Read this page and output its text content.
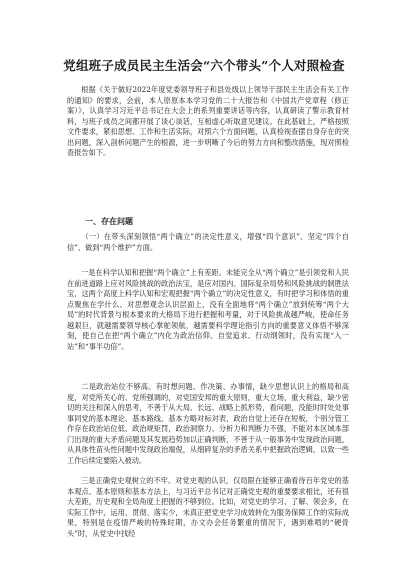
党组班子成员民主生活会“六个带头”个人对照检查
根据《关于做好2022年度党委领导班子和县处级以上领导干部民主生活会有关工作的通知》的要求，会前，本人原原本本学习党的二十大报告和《中国共产党章程（修正案）》，认真学习习近平总书记在大会上的系列重要讲话等内容，认真研读了警示教育材料，与班子成员之间都开展了谈心谈话，互相虚心听取意见建议。在此基础上，严格按照文件要求，紧扣思想、工作和生活实际，对照六个方面问题，认真检视查摆自身存在的突出问题，深入剖析问题产生的根源，进一步明晰了今后的努力方向和整改措施，现对照检查报告如下。
一、存在问题
（一）在带头深刻领悟“两个确立”的决定性意义，增强“四个意识”、坚定“四个自信”、做到“两个维护”方面。
一是在科学认知和把握“两个确立”上有差距。未能完全从“两个确立”是引领党和人民在前进道路上应对风险挑战的政治法宝，是应对国内、国际复杂局势和风险挑战的制胜法宝，这两个高度上科学认知和宏观把握“两个确立”的决定性意义，有时把学习和体悟的重点聚焦在学什么、对思想观念认识层面上，没有全面地将“两个确立”放到统筹“两个大局”的时代背景与根本要求的大格局下进行把握和考量，对于风险挑战越严峻，使命任务越艰巨，就越需要领导核心掌舵领航，越需要科学理论指引方向的重要意义体悟不够深刻，使自己在把“两个确立”内化为政治信仰、自觉追求、行动纲领时，没有实现“入一站”和“事半功倍”。
二是政治站位不够高。有时想问题、作决策、办事情，缺少思想认识上的格局和高度，对党所关心的、党所强调的，对党国安邦的重大原则，重大立场，重大利益，缺少密切的关注和深入的思考，不善于从大局、长远、战略上抓形势，看问题，没能时时处处事事同党的基本理论、基本路线、基本方略对标对表，政治自觉上还存在短板，个别分管工作存在政治站位低、政治规矩罚，政治洞察力、分析力和判断力不强，不能对本区域本部门出现的重大矛盾问题及其发展趋势加以正确判断，不善于从一般事务中发现政治问题，从具体性苗头性问题中发现政治端倪，从细碎复杂的矛盾关系中把握政治逻辑，以致一些工作后续定要陷入被动。
三是正确党史观树立的不牢。对党史观的认识，仅局限在能够正确看待百年党史的基本观点、基本原则和基本方法上，与习近平总书记对正确党史观的重要要求相比，还有很大差距，历史观和全局角度上把握的不够到位。比如，对党史的学习、了解、领会多，在实际工作中，运用、贯彻、落实少，未真正把党史学习成效转化为服务保障工作的实际成果，特别是在疫情严峻的特殊时期，办文办会任务繁重的情况下，遇到难啃的“硬骨头”时，从党史中找经
